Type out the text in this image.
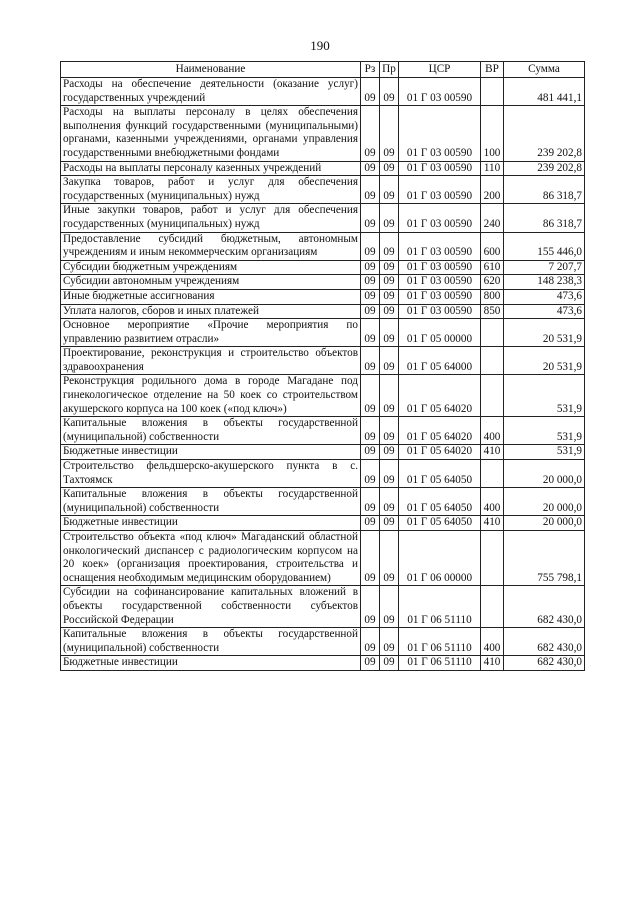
190
Наименование	Рз	Пр	ЦСР	ВР	Сумма
Расходы на обеспечение деятельности (оказание услуг) государственных учреждений	09	09	01 Г 03 00590		481 441,1
Расходы на выплаты персоналу в целях обеспечения выполнения функций государственными (муниципальными) органами, казенными учреждениями, органами управления государственными внебюджетными фондами	09	09	01 Г 03 00590	100	239 202,8
Расходы на выплаты персоналу казенных учреждений	09	09	01 Г 03 00590	110	239 202,8
Закупка товаров, работ и услуг для обеспечения государственных (муниципальных) нужд	09	09	01 Г 03 00590	200	86 318,7
Иные закупки товаров, работ и услуг для обеспечения государственных (муниципальных) нужд	09	09	01 Г 03 00590	240	86 318,7
Предоставление субсидий бюджетным, автономным учреждениям и иным некоммерческим организациям	09	09	01 Г 03 00590	600	155 446,0
Субсидии бюджетным учреждениям	09	09	01 Г 03 00590	610	7 207,7
Субсидии автономным учреждениям	09	09	01 Г 03 00590	620	148 238,3
Иные бюджетные ассигнования	09	09	01 Г 03 00590	800	473,6
Уплата налогов, сборов и иных платежей	09	09	01 Г 03 00590	850	473,6
Основное мероприятие «Прочие мероприятия по управлению развитием отрасли»	09	09	01 Г 05 00000		20 531,9
Проектирование, реконструкция и строительство объектов здравоохранения	09	09	01 Г 05 64000		20 531,9
Реконструкция родильного дома в городе Магадане под гинекологическое отделение на 50 коек со строительством акушерского корпуса на 100 коек («под ключ»)	09	09	01 Г 05 64020		531,9
Капитальные вложения в объекты государственной (муниципальной) собственности	09	09	01 Г 05 64020	400	531,9
Бюджетные инвестиции	09	09	01 Г 05 64020	410	531,9
Строительство фельдшерско-акушерского пункта в с. Тахтоямск	09	09	01 Г 05 64050		20 000,0
Капитальные вложения в объекты государственной (муниципальной) собственности	09	09	01 Г 05 64050	400	20 000,0
Бюджетные инвестиции	09	09	01 Г 05 64050	410	20 000,0
Строительство объекта «под ключ» Магаданский областной онкологический диспансер с радиологическим корпусом на 20 коек» (организация проектирования, строительства и оснащения необходимым медицинским оборудованием)	09	09	01 Г 06 00000		755 798,1
Субсидии на софинансирование капитальных вложений в объекты государственной собственности субъектов Российской Федерации	09	09	01 Г 06 51110		682 430,0
Капитальные вложения в объекты государственной (муниципальной) собственности	09	09	01 Г 06 51110	400	682 430,0
Бюджетные инвестиции	09	09	01 Г 06 51110	410	682 430,0
